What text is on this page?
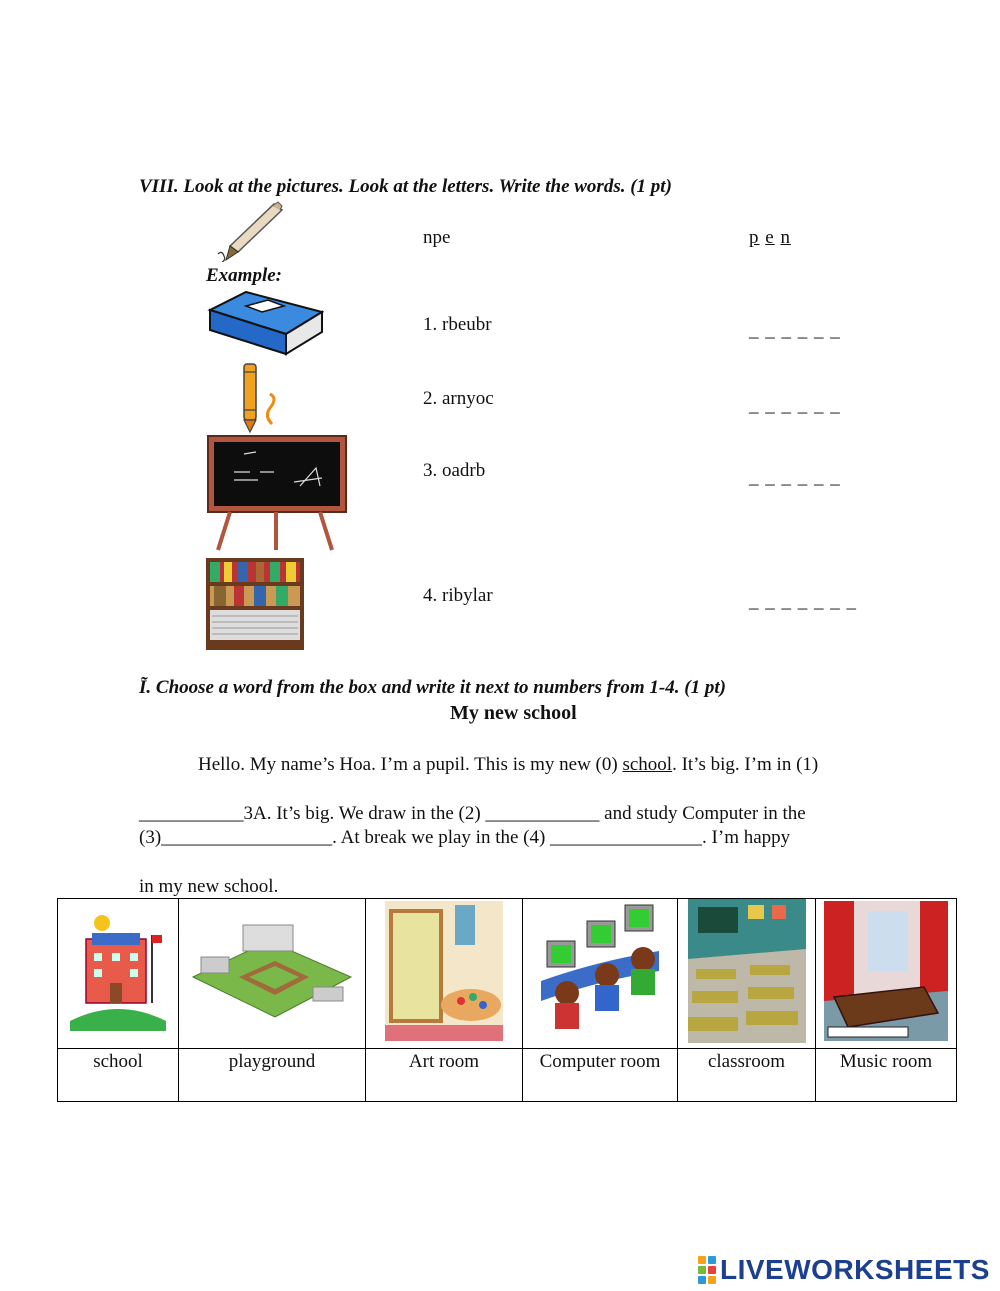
VIII. Look at the pictures. Look at the letters. Write the words. (1 pt)
Example:
npe	p e n
1. rbeubr	_ _ _ _ _ _
2. arnyoc	_ _ _ _ _ _
3. oadrb	_ _ _ _ _ _
4. ribylar	_ _ _ _ _ _ _
Ĩ. Choose a word from the box and write it next to numbers from 1-4. (1 pt)
My new school
Hello. My name’s Hoa. I’m a pupil. This is my new (0) school. It’s big. I’m in (1)
___________3A. It’s big. We draw in the (2) ____________ and study Computer in the
(3)__________________. At break we play in the (4) ________________. I’m happy
in my new school.

school	playground	Art room	Computer room	classroom	Music room
LIVEWORKSHEETS
